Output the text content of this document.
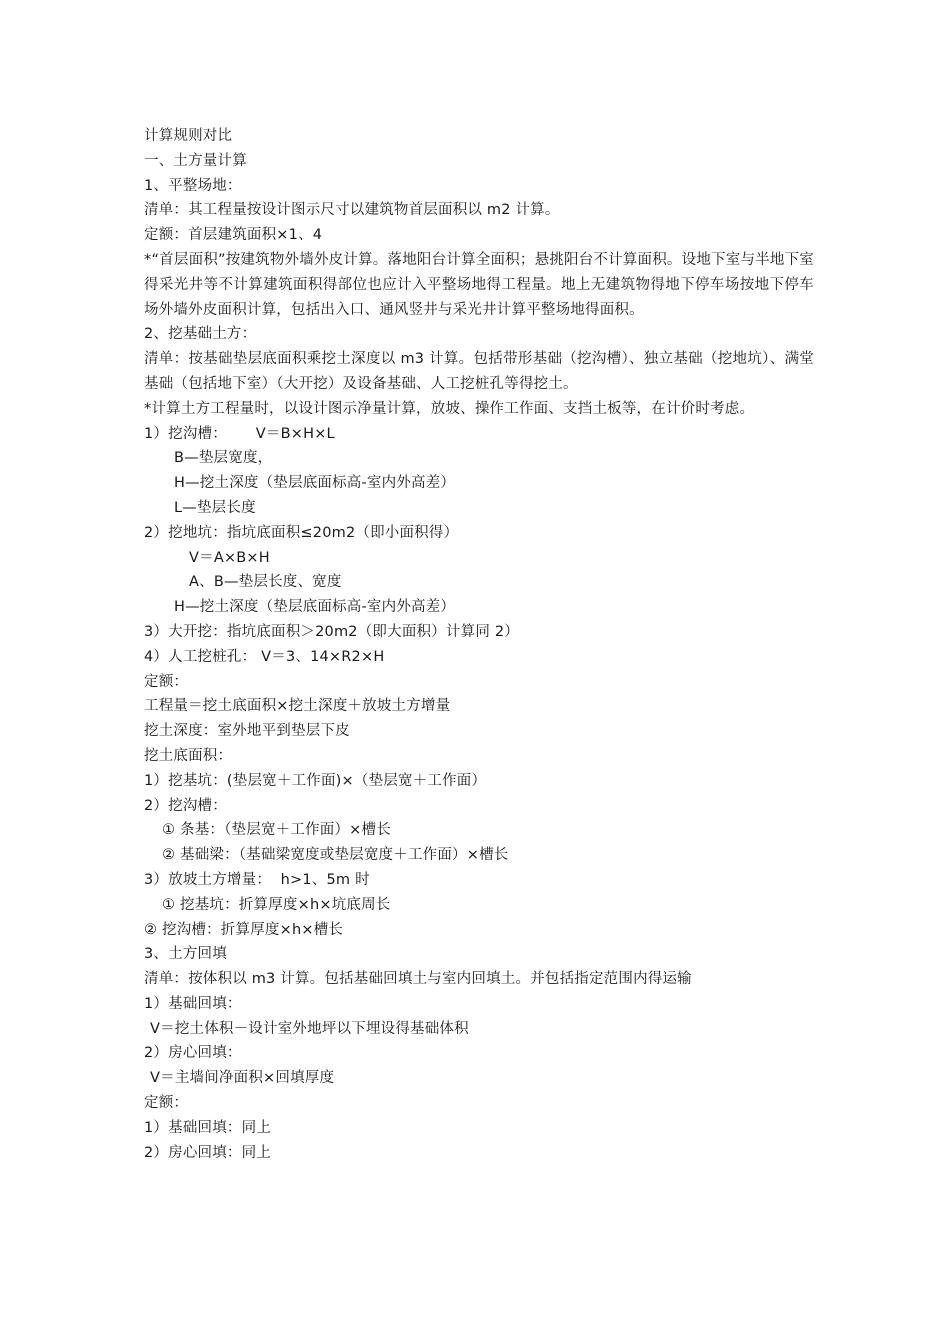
计算规则对比
一、土方量计算
1、平整场地：
清单：其工程量按设计图示尺寸以建筑物首层面积以 m2 计算。
定额：首层建筑面积×1、4
*“首层面积”按建筑物外墙外皮计算。落地阳台计算全面积；悬挑阳台不计算面积。设地下室与半地下室得采光井等不计算建筑面积得部位也应计入平整场地得工程量。地上无建筑物得地下停车场按地下停车场外墙外皮面积计算，包括出入口、通风竖井与采光井计算平整场地得面积。
2、挖基础土方：
清单：按基础垫层底面积乘挖土深度以 m3 计算。包括带形基础（挖沟槽）、独立基础（挖地坑）、满堂基础（包括地下室）（大开挖）及设备基础、人工挖桩孔等得挖土。
*计算土方工程量时，以设计图示净量计算，放坡、操作工作面、支挡土板等，在计价时考虑。
1）挖沟槽：      V＝B×H×L
B—垫层宽度，
H—挖土深度（垫层底面标高-室内外高差）
L—垫层长度
2）挖地坑：指坑底面积≤20m2（即小面积得）
V＝A×B×H
A、B—垫层长度、宽度
H—挖土深度（垫层底面标高-室内外高差）
3）大开挖：指坑底面积＞20m2（即大面积）计算同 2）
4）人工挖桩孔： V＝3、14×R2×H
定额：
工程量＝挖土底面积×挖土深度＋放坡土方增量
挖土深度：室外地平到垫层下皮
挖土底面积：
1）挖基坑：(垫层宽＋工作面)×（垫层宽＋工作面）
2）挖沟槽：
① 条基：（垫层宽＋工作面）×槽长
② 基础梁：（基础梁宽度或垫层宽度＋工作面）×槽长
3）放坡土方增量：  h>1、5m 时
① 挖基坑：折算厚度×h×坑底周长
② 挖沟槽：折算厚度×h×槽长
3、土方回填
清单：按体积以 m3 计算。包括基础回填土与室内回填土。并包括指定范围内得运输
1）基础回填：
V＝挖土体积－设计室外地坪以下埋设得基础体积
2）房心回填：
V＝主墙间净面积×回填厚度
定额：
1）基础回填：同上
2）房心回填：同上
